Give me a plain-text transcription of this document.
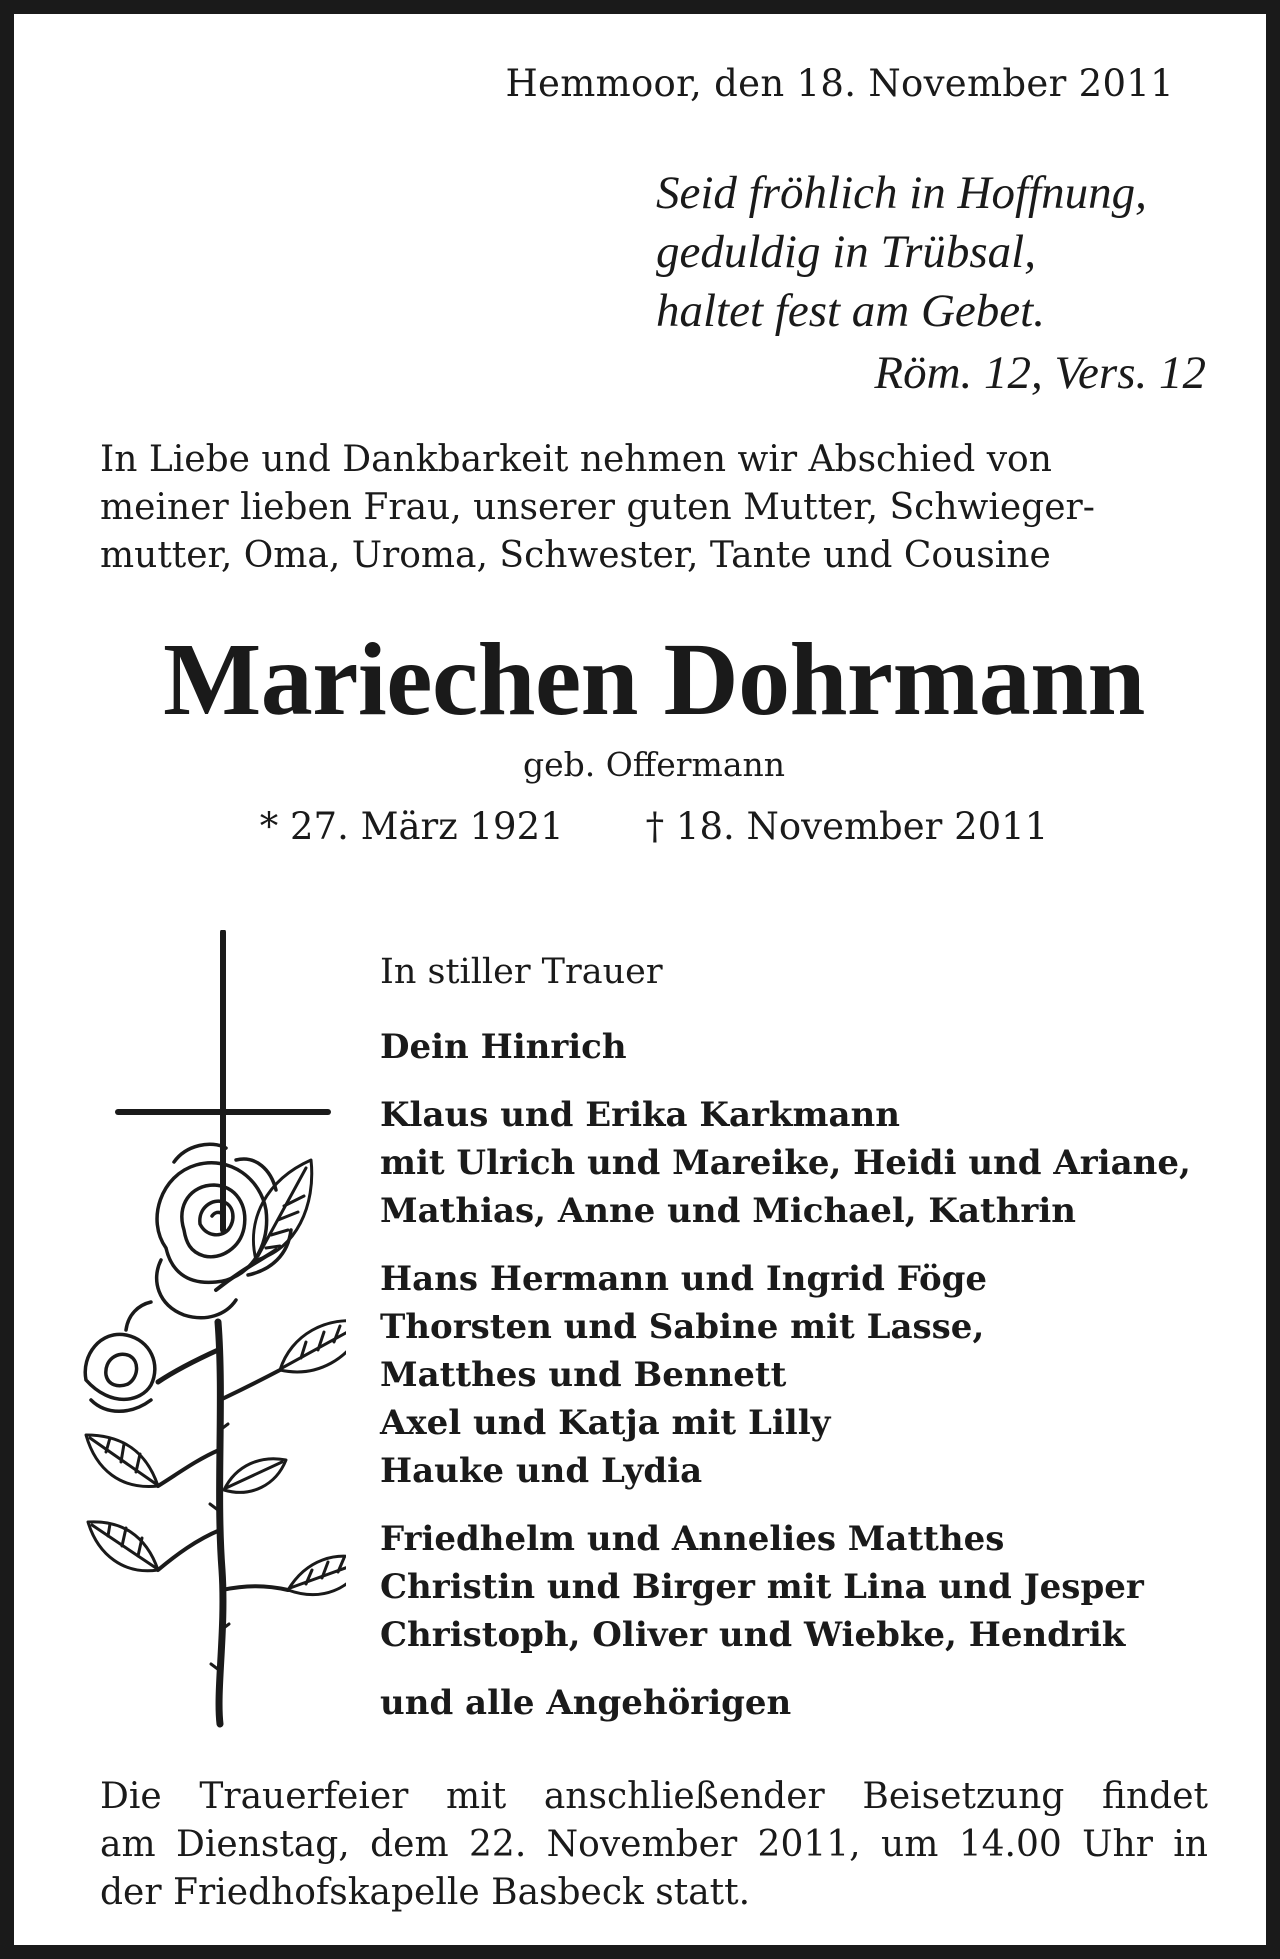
Hemmoor, den 18. November 2011
Seid fröhlich in Hoffnung,
geduldig in Trübsal,
haltet fest am Gebet.
Röm. 12, Vers. 12
In Liebe und Dankbarkeit nehmen wir Abschied von
meiner lieben Frau, unserer guten Mutter, Schwieger-
mutter, Oma, Uroma, Schwester, Tante und Cousine
Mariechen Dohrmann
geb. Offermann
* 27. März 1921 † 18. November 2011
In stiller Trauer
Dein Hinrich
Klaus und Erika Karkmann
mit Ulrich und Mareike, Heidi und Ariane,
Mathias, Anne und Michael, Kathrin
Hans Hermann und Ingrid Föge
Thorsten und Sabine mit Lasse,
Matthes und Bennett
Axel und Katja mit Lilly
Hauke und Lydia
Friedhelm und Annelies Matthes
Christin und Birger mit Lina und Jesper
Christoph, Oliver und Wiebke, Hendrik
und alle Angehörigen
Die Trauerfeier mit anschließender Beisetzung findet
am Dienstag, dem 22. November 2011, um 14.00 Uhr in
der Friedhofskapelle Basbeck statt.
